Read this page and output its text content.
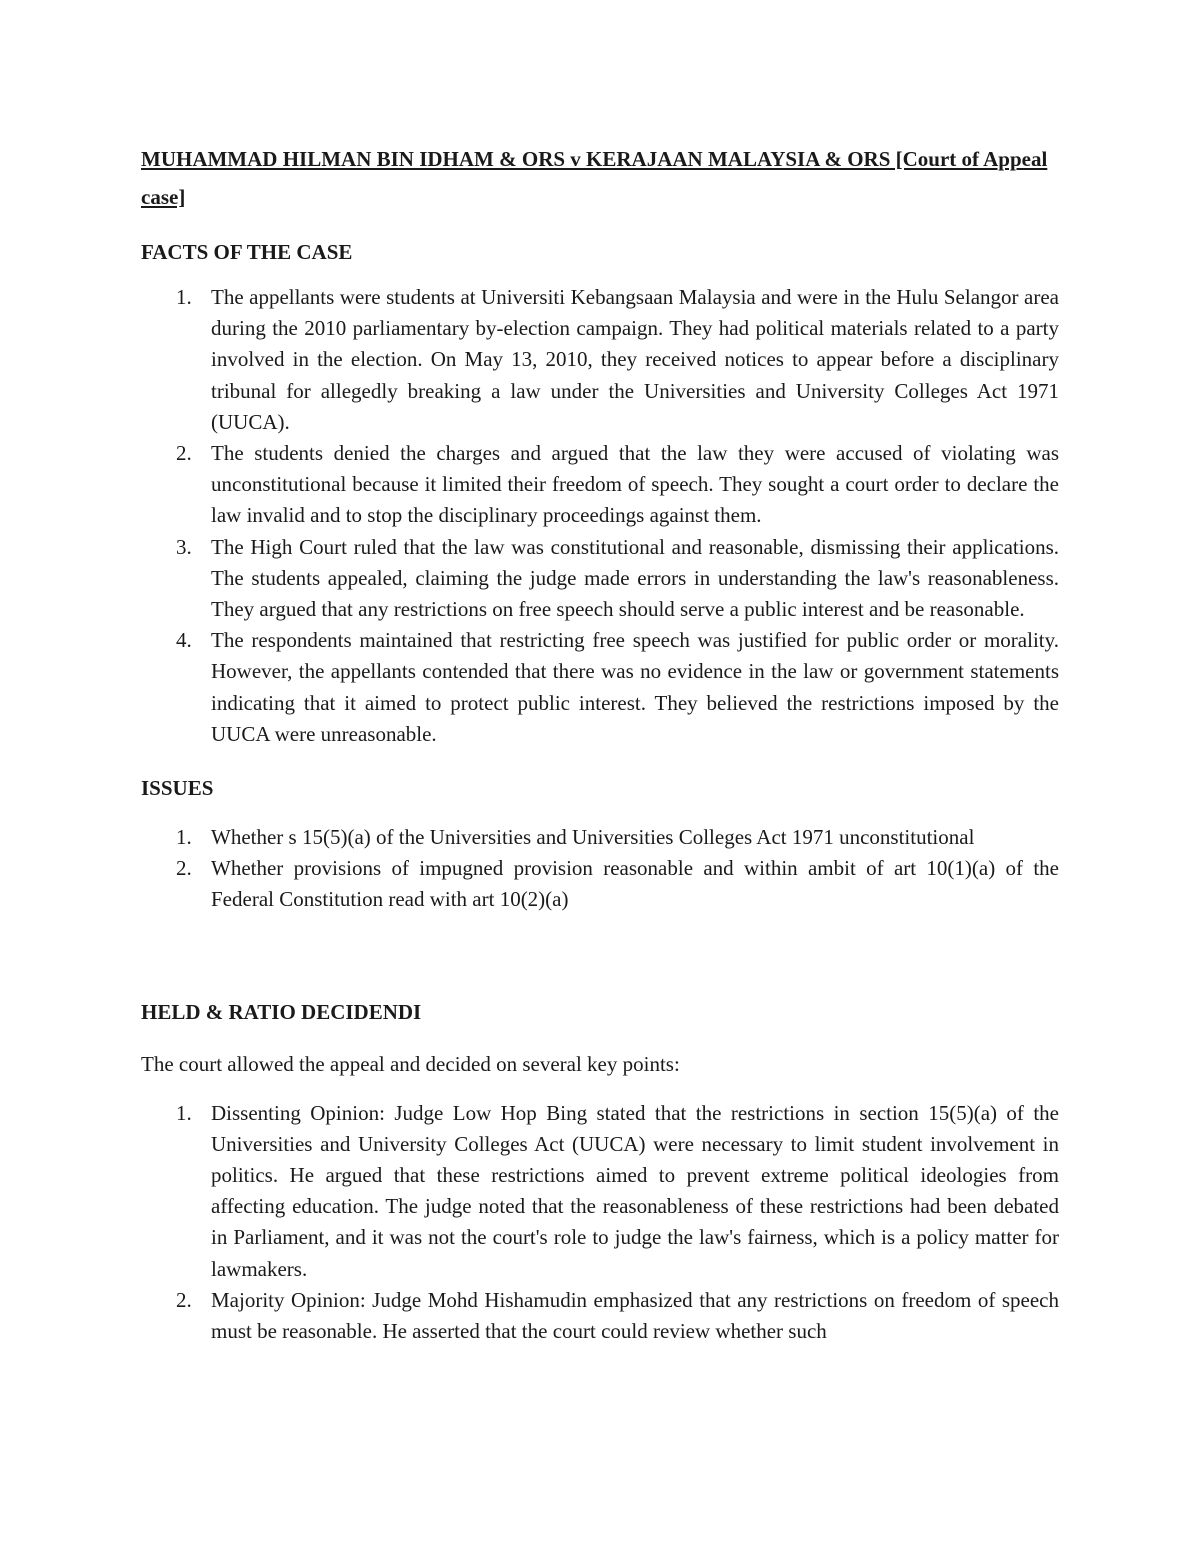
MUHAMMAD HILMAN BIN IDHAM & ORS v KERAJAAN MALAYSIA & ORS [Court of Appeal case]
FACTS OF THE CASE
1. The appellants were students at Universiti Kebangsaan Malaysia and were in the Hulu Selangor area during the 2010 parliamentary by-election campaign. They had political materials related to a party involved in the election. On May 13, 2010, they received notices to appear before a disciplinary tribunal for allegedly breaking a law under the Universities and University Colleges Act 1971 (UUCA).
2. The students denied the charges and argued that the law they were accused of violating was unconstitutional because it limited their freedom of speech. They sought a court order to declare the law invalid and to stop the disciplinary proceedings against them.
3. The High Court ruled that the law was constitutional and reasonable, dismissing their applications. The students appealed, claiming the judge made errors in understanding the law's reasonableness. They argued that any restrictions on free speech should serve a public interest and be reasonable.
4. The respondents maintained that restricting free speech was justified for public order or morality. However, the appellants contended that there was no evidence in the law or government statements indicating that it aimed to protect public interest. They believed the restrictions imposed by the UUCA were unreasonable.
ISSUES
1. Whether s 15(5)(a) of the Universities and Universities Colleges Act 1971 unconstitutional
2. Whether provisions of impugned provision reasonable and within ambit of art 10(1)(a) of the Federal Constitution read with art 10(2)(a)
HELD & RATIO DECIDENDI

The court allowed the appeal and decided on several key points:

1. Dissenting Opinion: Judge Low Hop Bing stated that the restrictions in section 15(5)(a) of the Universities and University Colleges Act (UUCA) were necessary to limit student involvement in politics. He argued that these restrictions aimed to prevent extreme political ideologies from affecting education. The judge noted that the reasonableness of these restrictions had been debated in Parliament, and it was not the court's role to judge the law's fairness, which is a policy matter for lawmakers.
2. Majority Opinion: Judge Mohd Hishamudin emphasized that any restrictions on freedom of speech must be reasonable. He asserted that the court could review whether such
